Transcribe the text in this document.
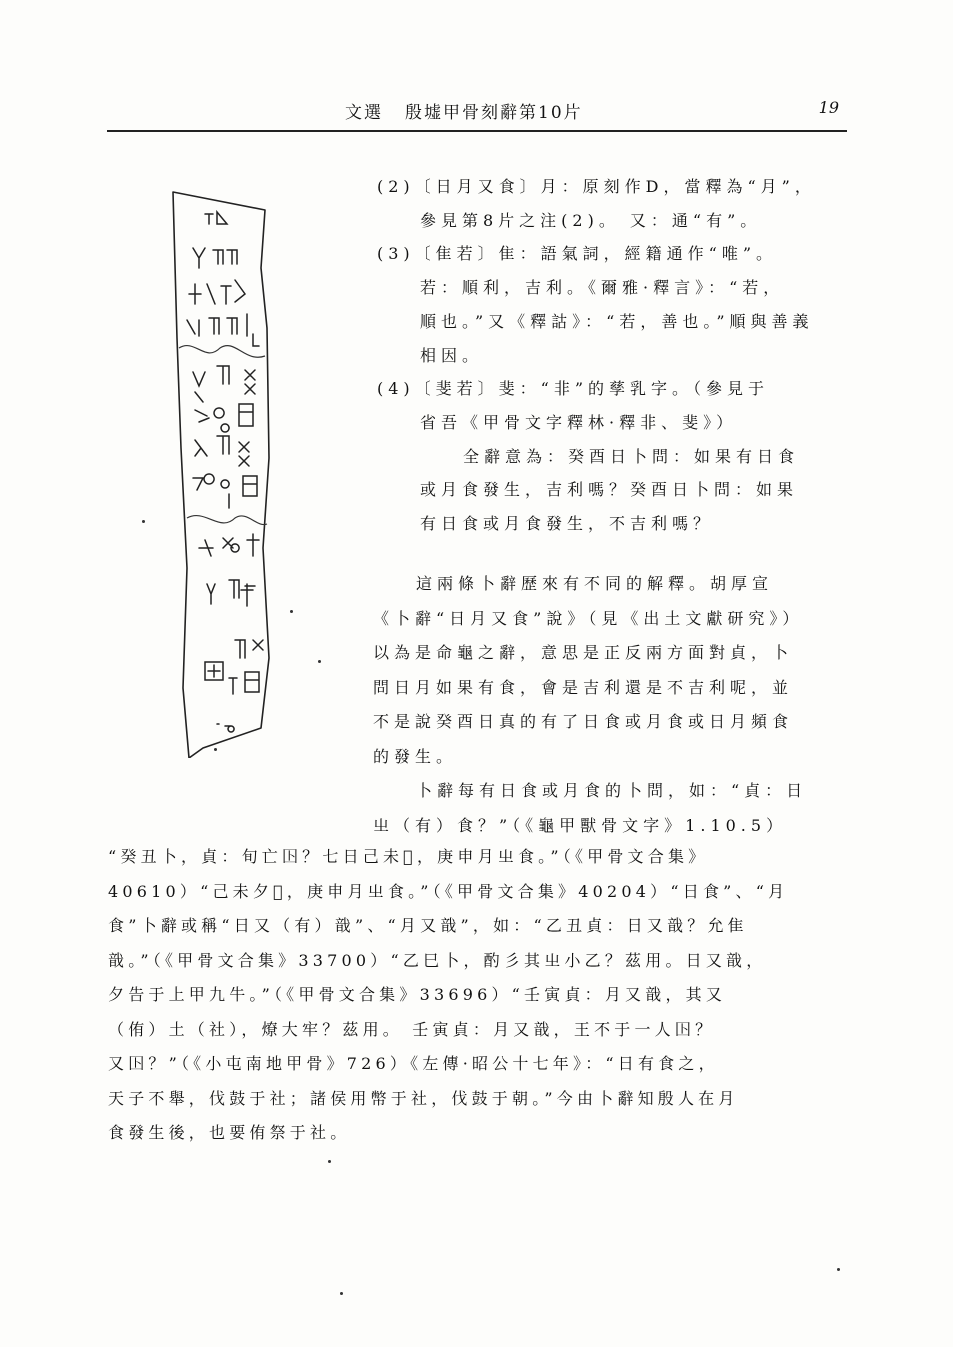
文選 殷墟甲骨刻辭第10片	19

(2)〔日月又食〕月：原刻作D，當釋為“月”，

參見第8片之注(2)。 又：通“有”。

(3)〔隹若〕隹：語氣詞，經籍通作“唯”。

若：順利，吉利。《爾雅·釋言》：“若，

順也。”又《釋詁》：“若，善也。”順與善義

相因。

(4)〔斐若〕斐：“非”的孳乳字。（參見于

省吾《甲骨文字釋林·釋非、斐》）

全辭意為：癸酉日卜問：如果有日食

或月食發生，吉利嗎？癸酉日卜問：如果

有日食或月食發生，不吉利嗎？

這兩條卜辭歷來有不同的解釋。胡厚宣

《卜辭“日月又食”說》（見《出土文獻研究》）

以為是命龜之辭，意思是正反兩方面對貞，卜

問日月如果有食，會是吉利還是不吉利呢，並

不是說癸酉日真的有了日食或月食或日月頻食

的發生。

卜辭每有日食或月食的卜問，如：“貞：日

㞢（有）食？”（《龜甲獸骨文字》1.10.5）

“癸丑卜，貞：旬亡𡆥？七日己未𡧊，庚申月㞢食。”（《甲骨文合集》

40610）“己未夕𡧊，庚申月㞢食。”（《甲骨文合集》40204）“日食”、“月

食”卜辭或稱“日又（有）戠”、“月又戠”，如：“乙丑貞：日又戠？允隹

戠。”（《甲骨文合集》33700）“乙巳卜，酌彡其㞢小乙？茲用。日又戠，

夕告于上甲九牛。”（《甲骨文合集》33696）“壬寅貞：月又戠，其又

（侑）土（社），燎大牢？茲用。 壬寅貞：月又戠，王不于一人𡆥？

又𡆥？”（《小屯南地甲骨》726）《左傳·昭公十七年》：“日有食之，

天子不舉，伐鼓于社；諸侯用幣于社，伐鼓于朝。”今由卜辭知殷人在月

食發生後，也要侑祭于社。
